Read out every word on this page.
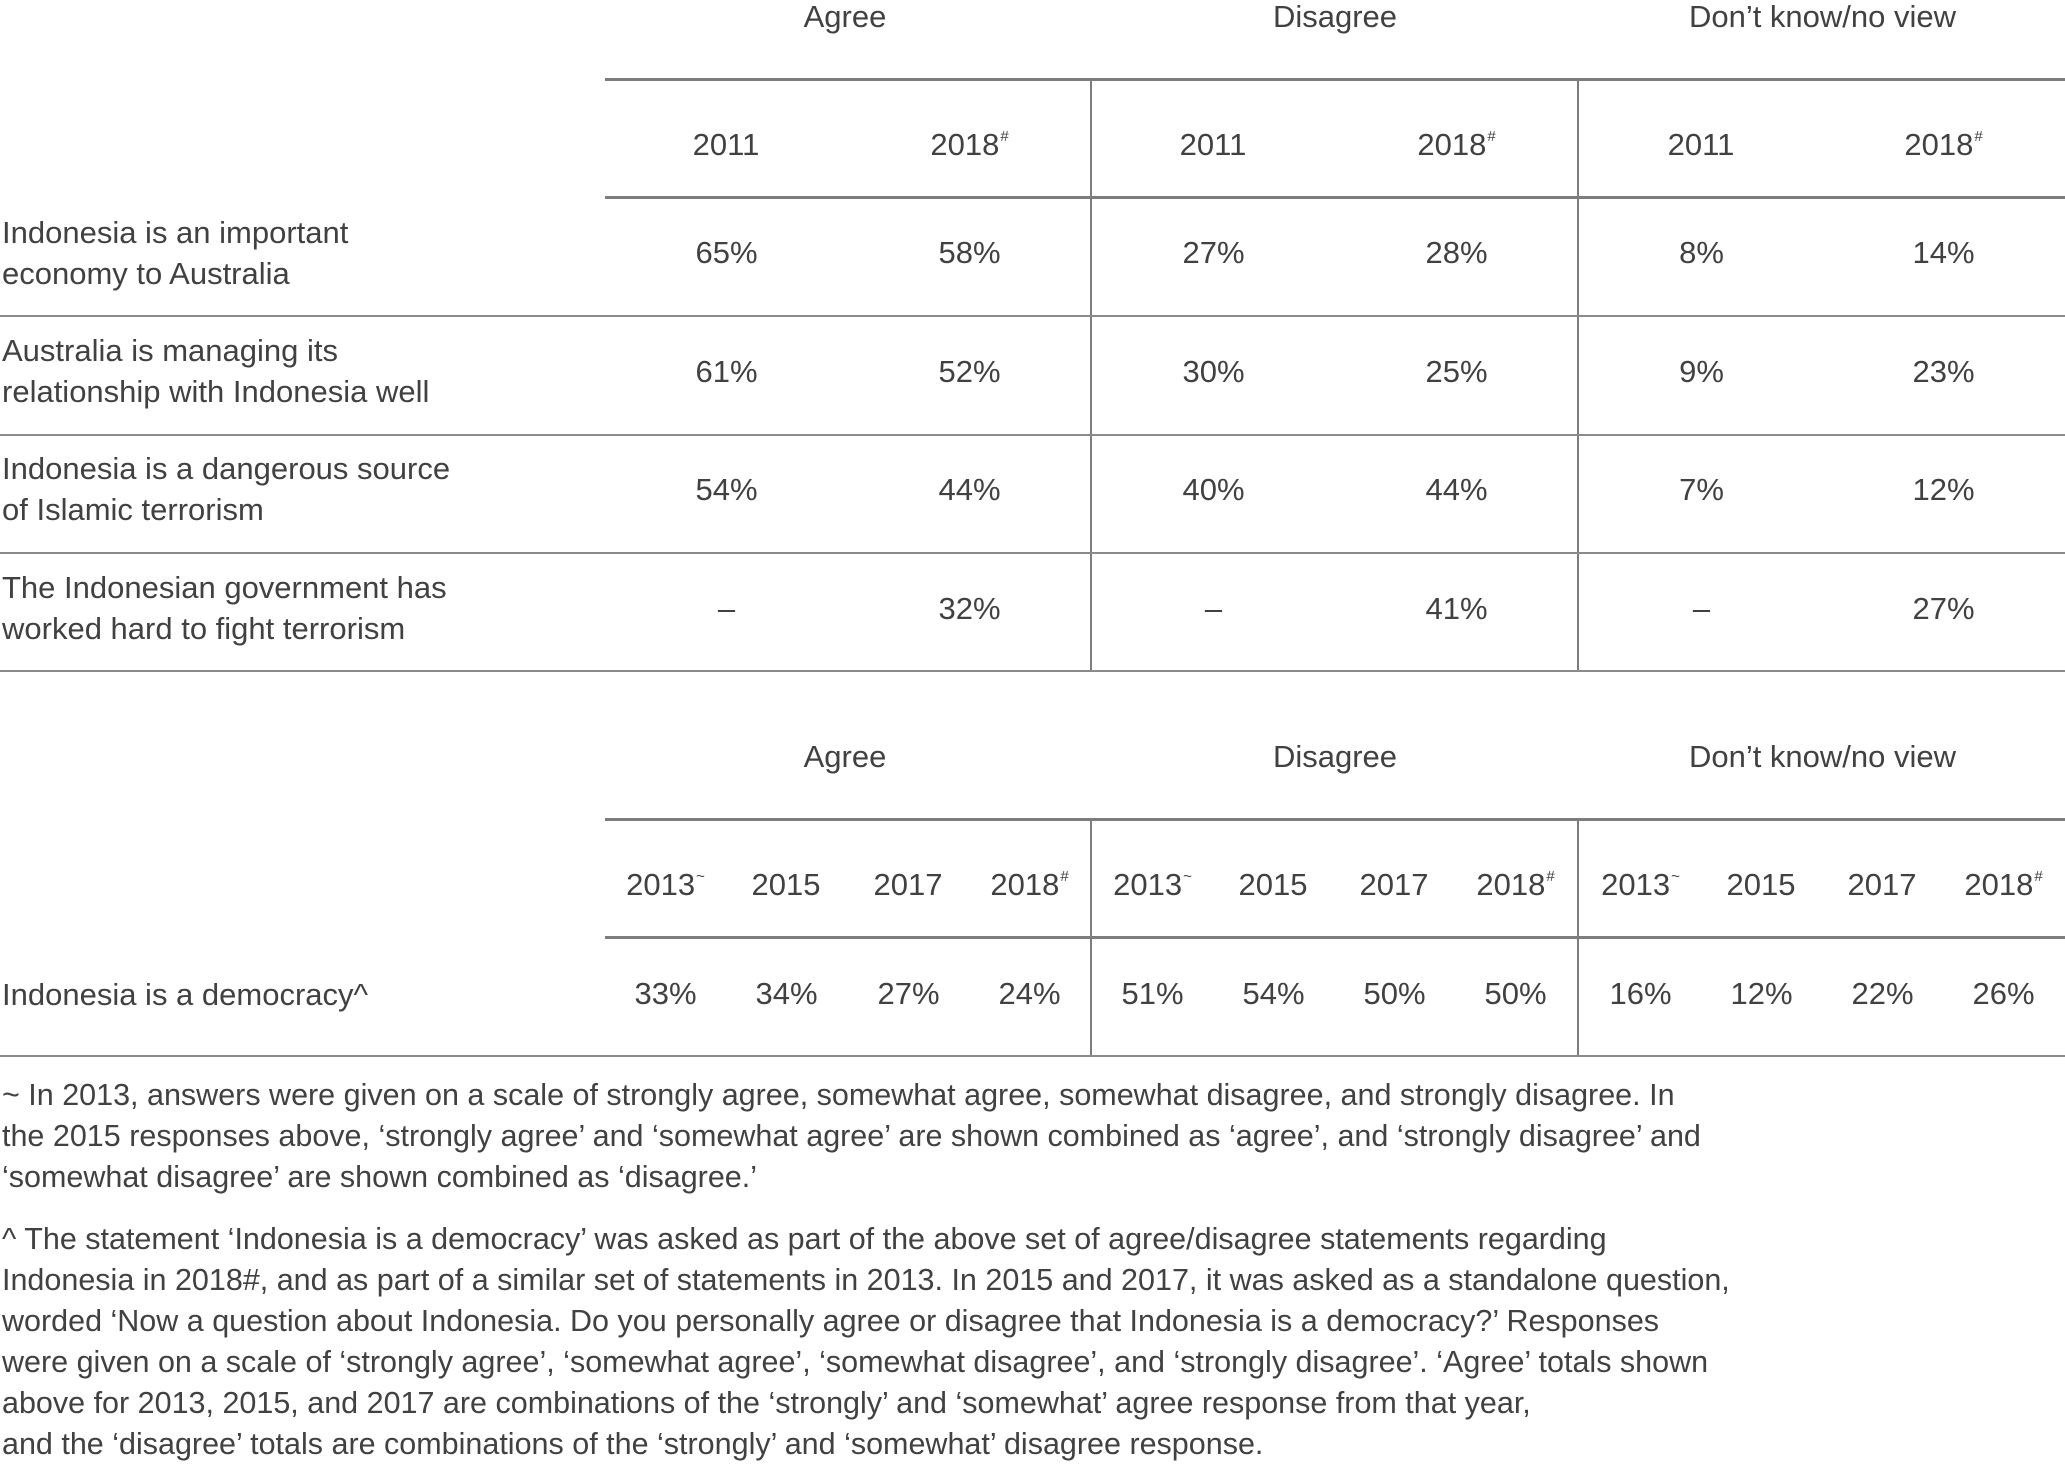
Agree	Disagree	Don’t know/no view
2011	2018#	2011	2018#	2011	2018#
Indonesia is an important
economy to Australia
65%	58%	27%	28%	8%	14%
Australia is managing its
relationship with Indonesia well
61%	52%	30%	25%	9%	23%
Indonesia is a dangerous source
of Islamic terrorism
54%	44%	40%	44%	7%	12%
The Indonesian government has
worked hard to fight terrorism
–	32%	–	41%	–	27%
Agree	Disagree	Don’t know/no view
2013~	2015	2017	2018#	2013~	2015	2017	2018#	2013~	2015	2017	2018#
Indonesia is a democracy^	33%	34%	27%	24%	51%	54%	50%	50%	16%	12%	22%	26%
~ In 2013, answers were given on a scale of strongly agree, somewhat agree, somewhat disagree, and strongly disagree. In
the 2015 responses above, ‘strongly agree’ and ‘somewhat agree’ are shown combined as ‘agree’, and ‘strongly disagree’ and
‘somewhat disagree’ are shown combined as ‘disagree.’
^ The statement ‘Indonesia is a democracy’ was asked as part of the above set of agree/disagree statements regarding
Indonesia in 2018#, and as part of a similar set of statements in 2013. In 2015 and 2017, it was asked as a standalone question,
worded ‘Now a question about Indonesia. Do you personally agree or disagree that Indonesia is a democracy?’ Responses
were given on a scale of ‘strongly agree’, ‘somewhat agree’, ‘somewhat disagree’, and ‘strongly disagree’. ‘Agree’ totals shown
above for 2013, 2015, and 2017 are combinations of the ‘strongly’ and ‘somewhat’ agree response from that year,
and the ‘disagree’ totals are combinations of the ‘strongly’ and ‘somewhat’ disagree response.
